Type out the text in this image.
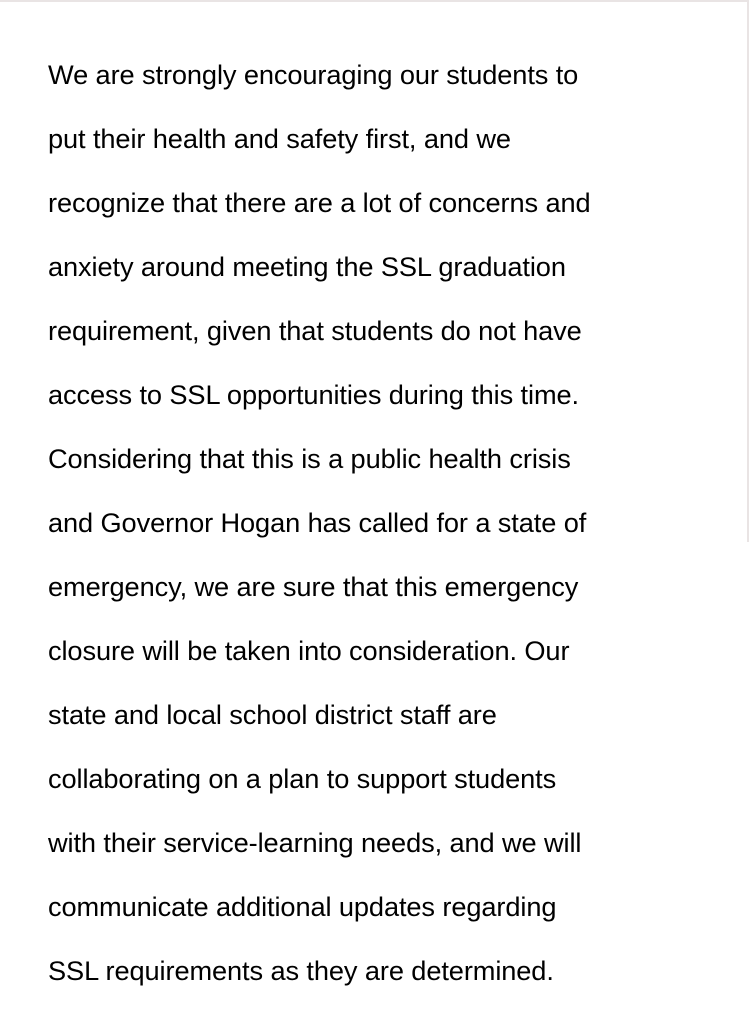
We are strongly encouraging our students to

put their health and safety first, and we

recognize that there are a lot of concerns and

anxiety around meeting the SSL graduation

requirement, given that students do not have

access to SSL opportunities during this time.

Considering that this is a public health crisis

and Governor Hogan has called for a state of

emergency, we are sure that this emergency

closure will be taken into consideration. Our

state and local school district staff are

collaborating on a plan to support students

with their service-learning needs, and we will

communicate additional updates regarding

SSL requirements as they are determined.
